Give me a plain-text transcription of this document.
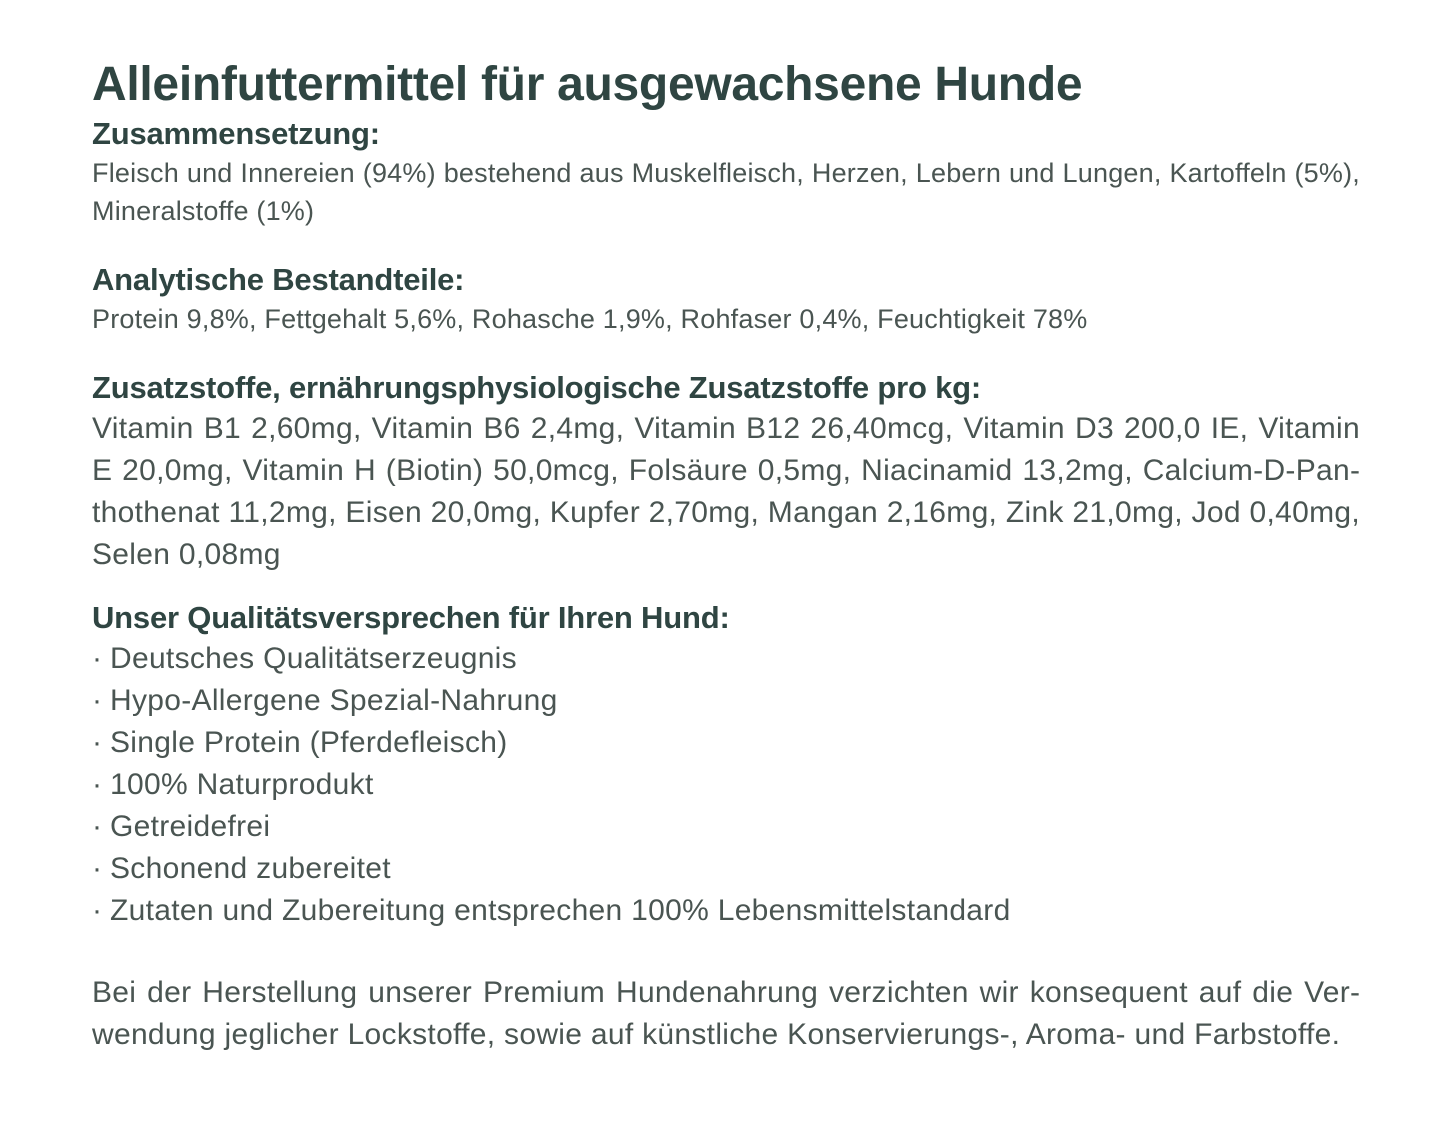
Alleinfuttermittel für ausgewachsene Hunde
Zusammensetzung:

Fleisch und Innereien (94%) bestehend aus Muskelfleisch, Herzen, Lebern und Lungen, Kartoffeln (5%), Mineralstoffe (1%)

Analytische Bestandteile:

Protein 9,8%, Fettgehalt 5,6%, Rohasche 1,9%, Rohfaser 0,4%, Feuchtigkeit 78%

Zusatzstoffe, ernährungsphysiologische Zusatzstoffe pro kg:

Vitamin B1 2,60mg, Vitamin B6 2,4mg, Vitamin B12 26,40mcg, Vitamin D3 200,0 IE, Vitamin E 20,0mg, Vitamin H (Biotin) 50,0mcg, Folsäure 0,5mg, Niacinamid 13,2mg, Calcium-D-Panthothenat 11,2mg, Eisen 20,0mg, Kupfer 2,70mg, Mangan 2,16mg, Zink 21,0mg, Jod 0,40mg, Selen 0,08mg

Unser Qualitätsversprechen für Ihren Hund:
· Deutsches Qualitätserzeugnis
· Hypo-Allergene Spezial-Nahrung
· Single Protein (Pferdefleisch)
· 100% Naturprodukt
· Getreidefrei
· Schonend zubereitet
· Zutaten und Zubereitung entsprechen 100% Lebensmittelstandard

Bei der Herstellung unserer Premium Hundenahrung verzichten wir konsequent auf die Verwendung jeglicher Lockstoffe, sowie auf künstliche Konservierungs-, Aroma- und Farbstoffe.
